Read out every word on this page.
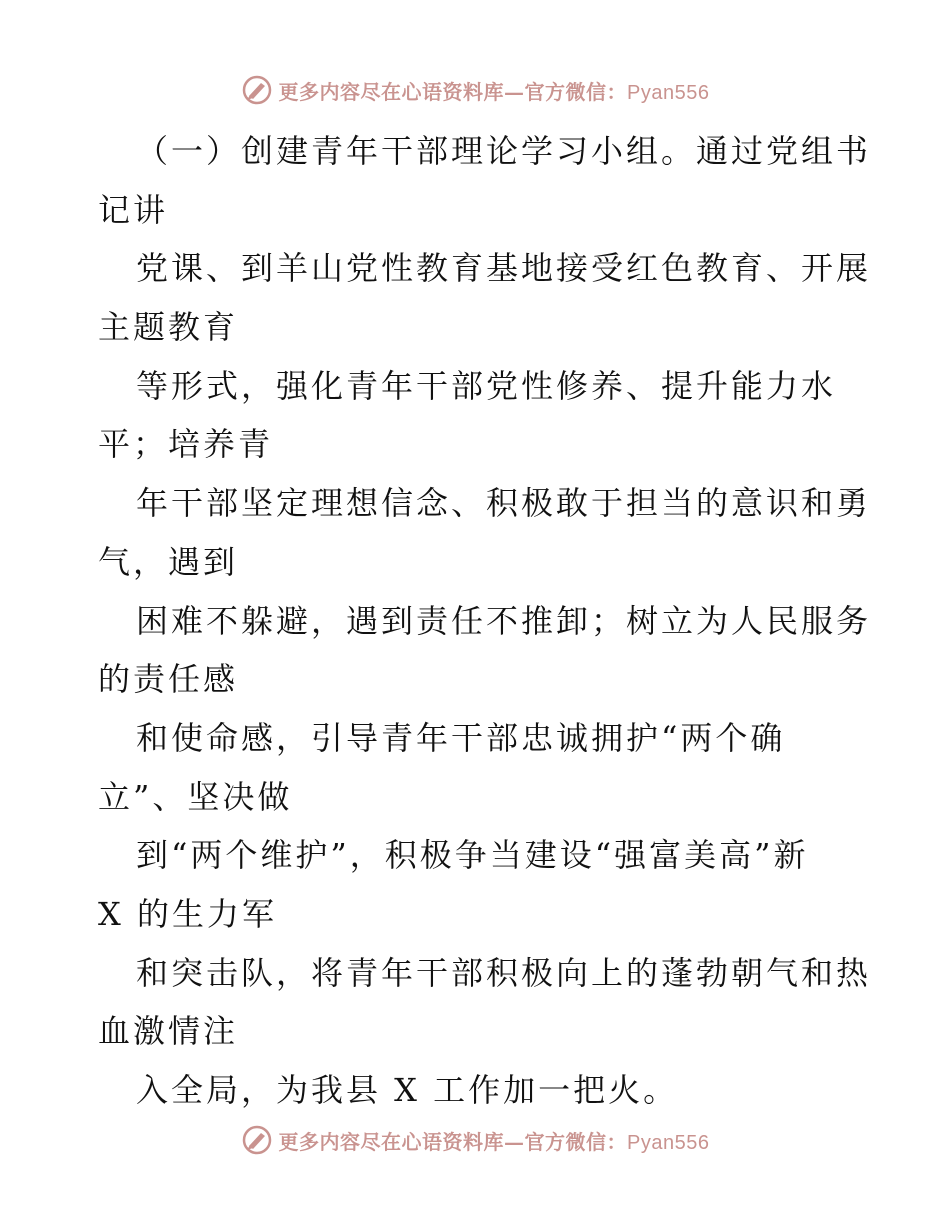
更多内容尽在心语资料库—官方微信：Pyan556
（一）创建青年干部理论学习小组。通过党组书
记讲
党课、到羊山党性教育基地接受红色教育、开展
主题教育
等形式，强化青年干部党性修养、提升能力水
平；培养青
年干部坚定理想信念、积极敢于担当的意识和勇
气，遇到
困难不躲避，遇到责任不推卸；树立为人民服务
的责任感
和使命感，引导青年干部忠诚拥护“两个确
立”、坚决做
到“两个维护”，积极争当建设“强富美高”新
X 的生力军
和突击队，将青年干部积极向上的蓬勃朝气和热
血激情注
入全局，为我县 X 工作加一把火。
更多内容尽在心语资料库—官方微信：Pyan556
